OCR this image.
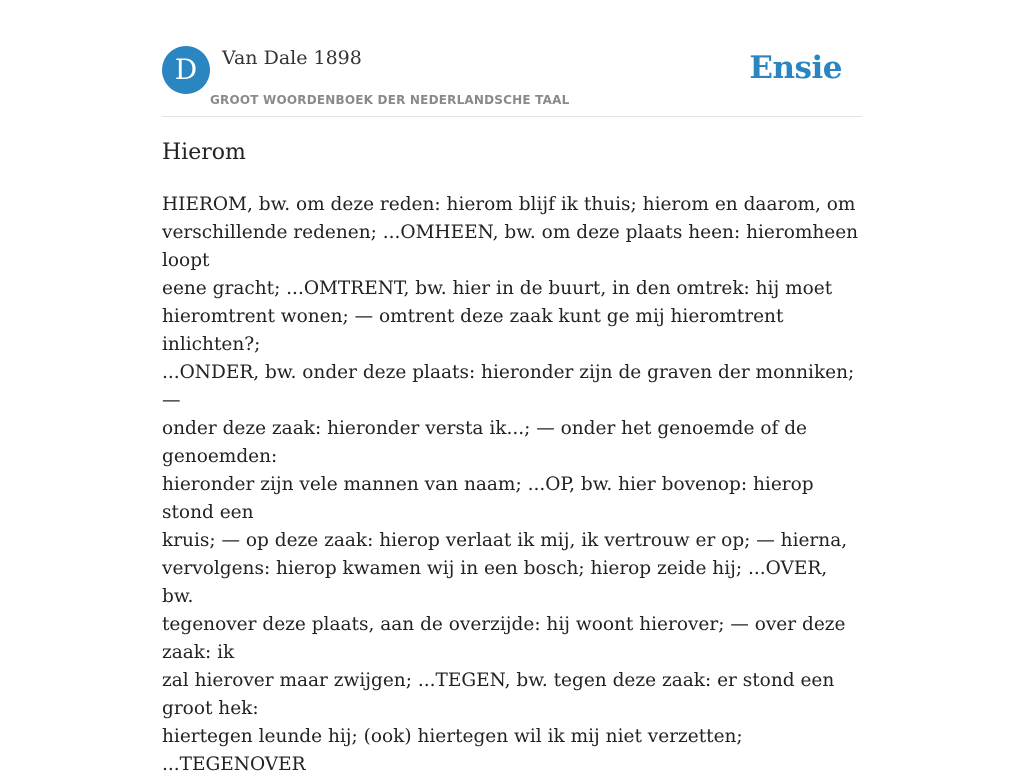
D	Van Dale 1898
GROOT WOORDENBOEK DER NEDERLANDSCHE TAAL
Ensie
Hierom
HIEROM, bw. om deze reden: hierom blijf ik thuis; hierom en daarom, om
verschillende redenen; ...OMHEEN, bw. om deze plaats heen: hieromheen loopt
eene gracht; ...OMTRENT, bw. hier in de buurt, in den omtrek: hij moet
hieromtrent wonen; — omtrent deze zaak kunt ge mij hieromtrent inlichten?;
...ONDER, bw. onder deze plaats: hieronder zijn de graven der monniken; —
onder deze zaak: hieronder versta ik...; — onder het genoemde of de genoemden:
hieronder zijn vele mannen van naam; ...OP, bw. hier bovenop: hierop stond een
kruis; — op deze zaak: hierop verlaat ik mij, ik vertrouw er op; — hierna,
vervolgens: hierop kwamen wij in een bosch; hierop zeide hij; ...OVER, bw.
tegenover deze plaats, aan de overzijde: hij woont hierover; — over deze zaak: ik
zal hierover maar zwijgen; ...TEGEN, bw. tegen deze zaak: er stond een groot hek:
hiertegen leunde hij; (ook) hiertegen wil ik mij niet verzetten; ...TEGENOVER
